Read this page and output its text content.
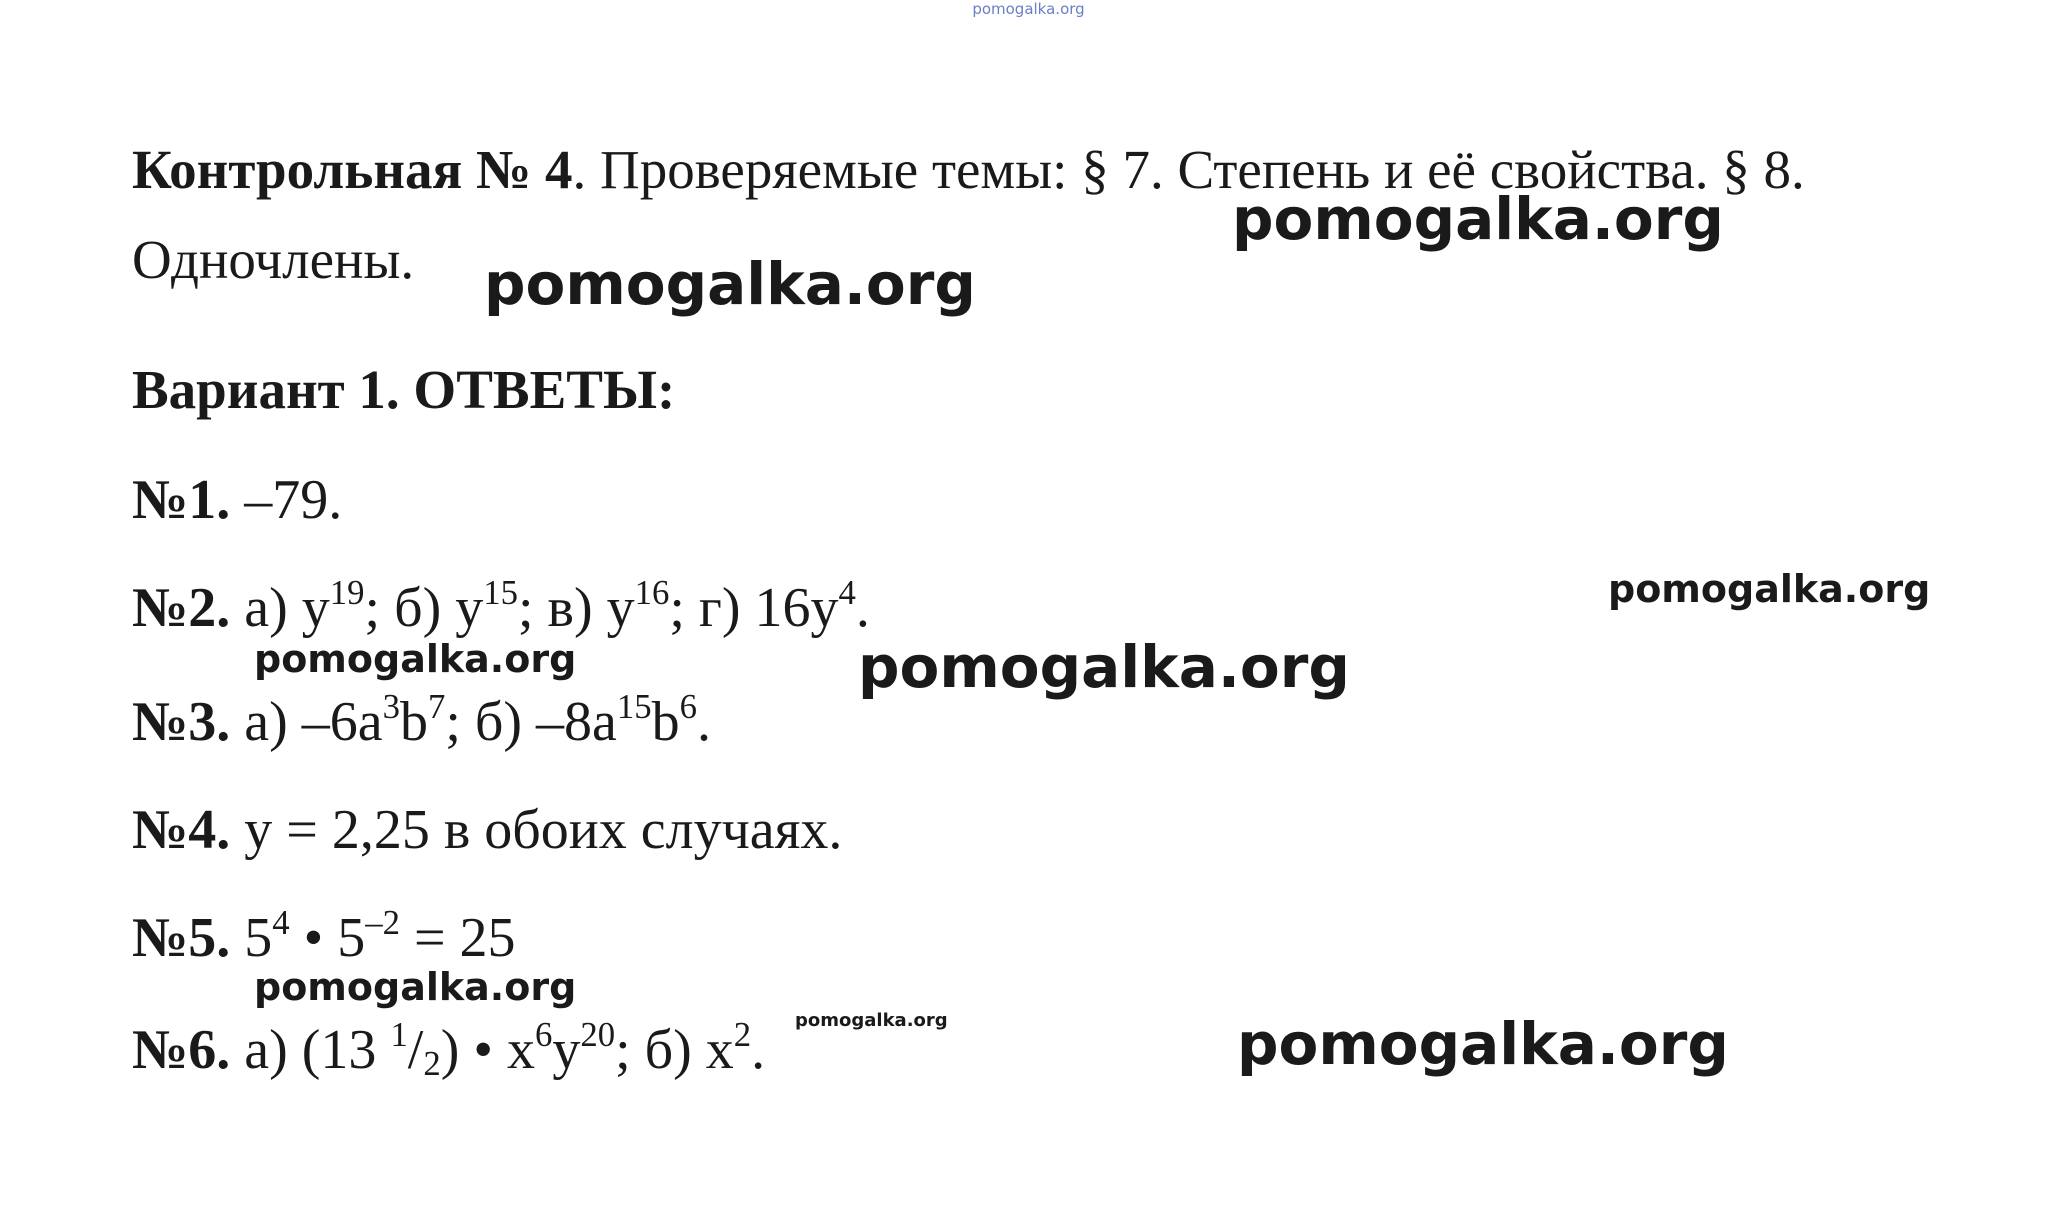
pomogalka.org
Контрольная № 4. Проверяемые темы: § 7. Степень и её свойства. § 8.
Одночлены.
Вариант 1. ОТВЕТЫ:
№1. –79.
№2. а) $y^{19}$; б) $y^{15}$; в) $y^{16}$; г) $16y^4$.
№3. а) $-6a^3b^7$; б) $-8a^{15}b^6$.
№4. y = 2,25 в обоих случаях.
№5. $5^4$ • $5^{-2} = 25$
№6. а) (13 $^1/_2$) • $x^6y^{20}$; б) $x^2$.
pomogalka.org
pomogalka.org
pomogalka.org
pomogalka.org	pomogalka.org
pomogalka.org
pomogalka.org	pomogalka.org
